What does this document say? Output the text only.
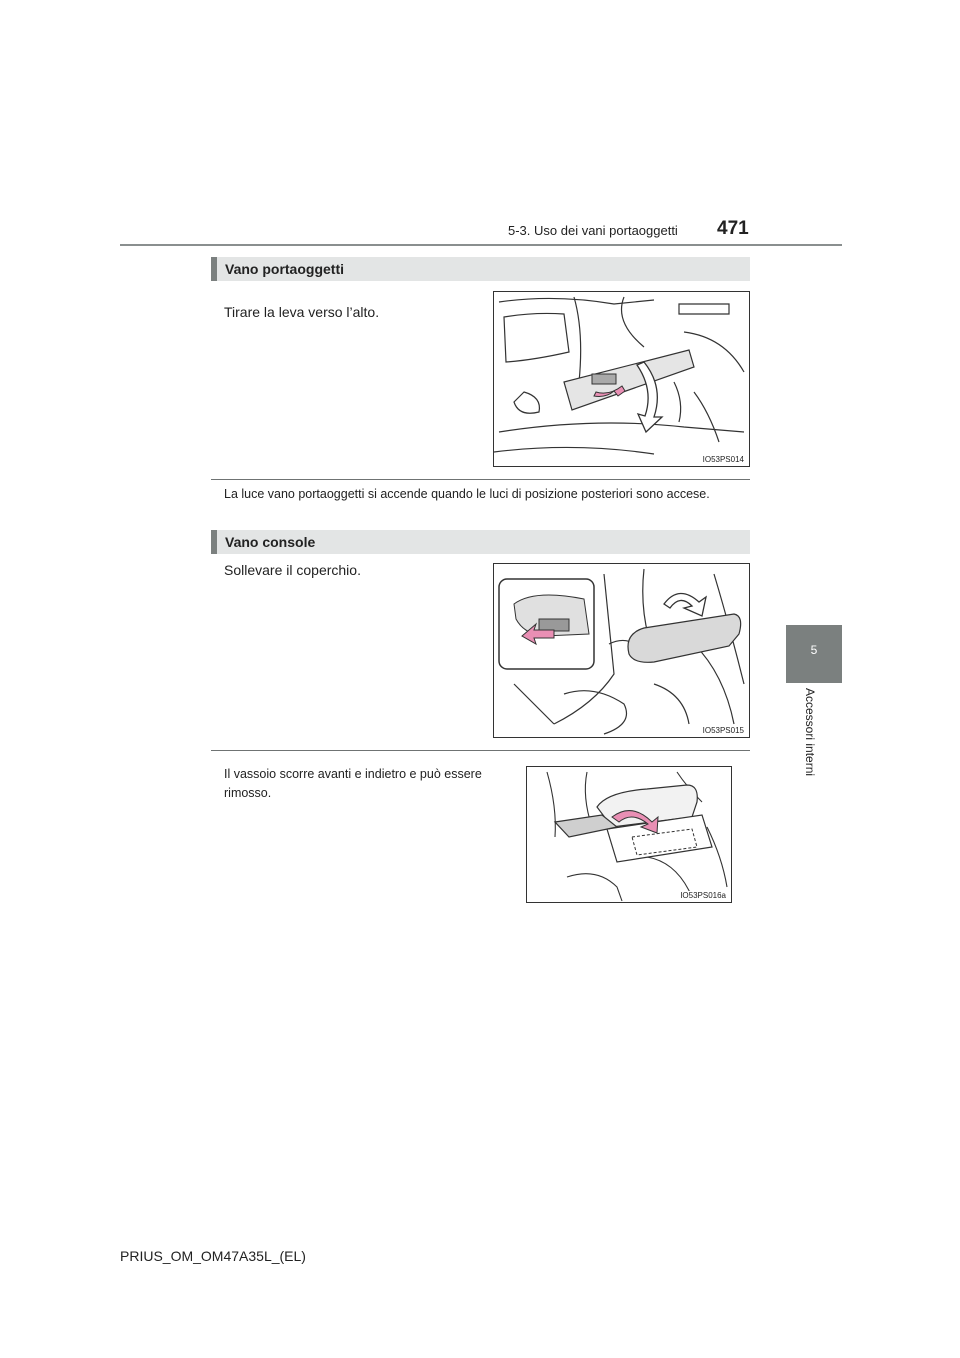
5-3. Uso dei vani portaoggetti 471
5
Accessori interni
Vano portaoggetti
Tirare la leva verso l’alto.
IO53PS014
La luce vano portaoggetti si accende quando le luci di posizione posteriori sono accese.
Vano console
Sollevare il coperchio.
IO53PS015
Il vassoio scorre avanti e indietro e può essere rimosso.
IO53PS016a
PRIUS_OM_OM47A35L_(EL)
